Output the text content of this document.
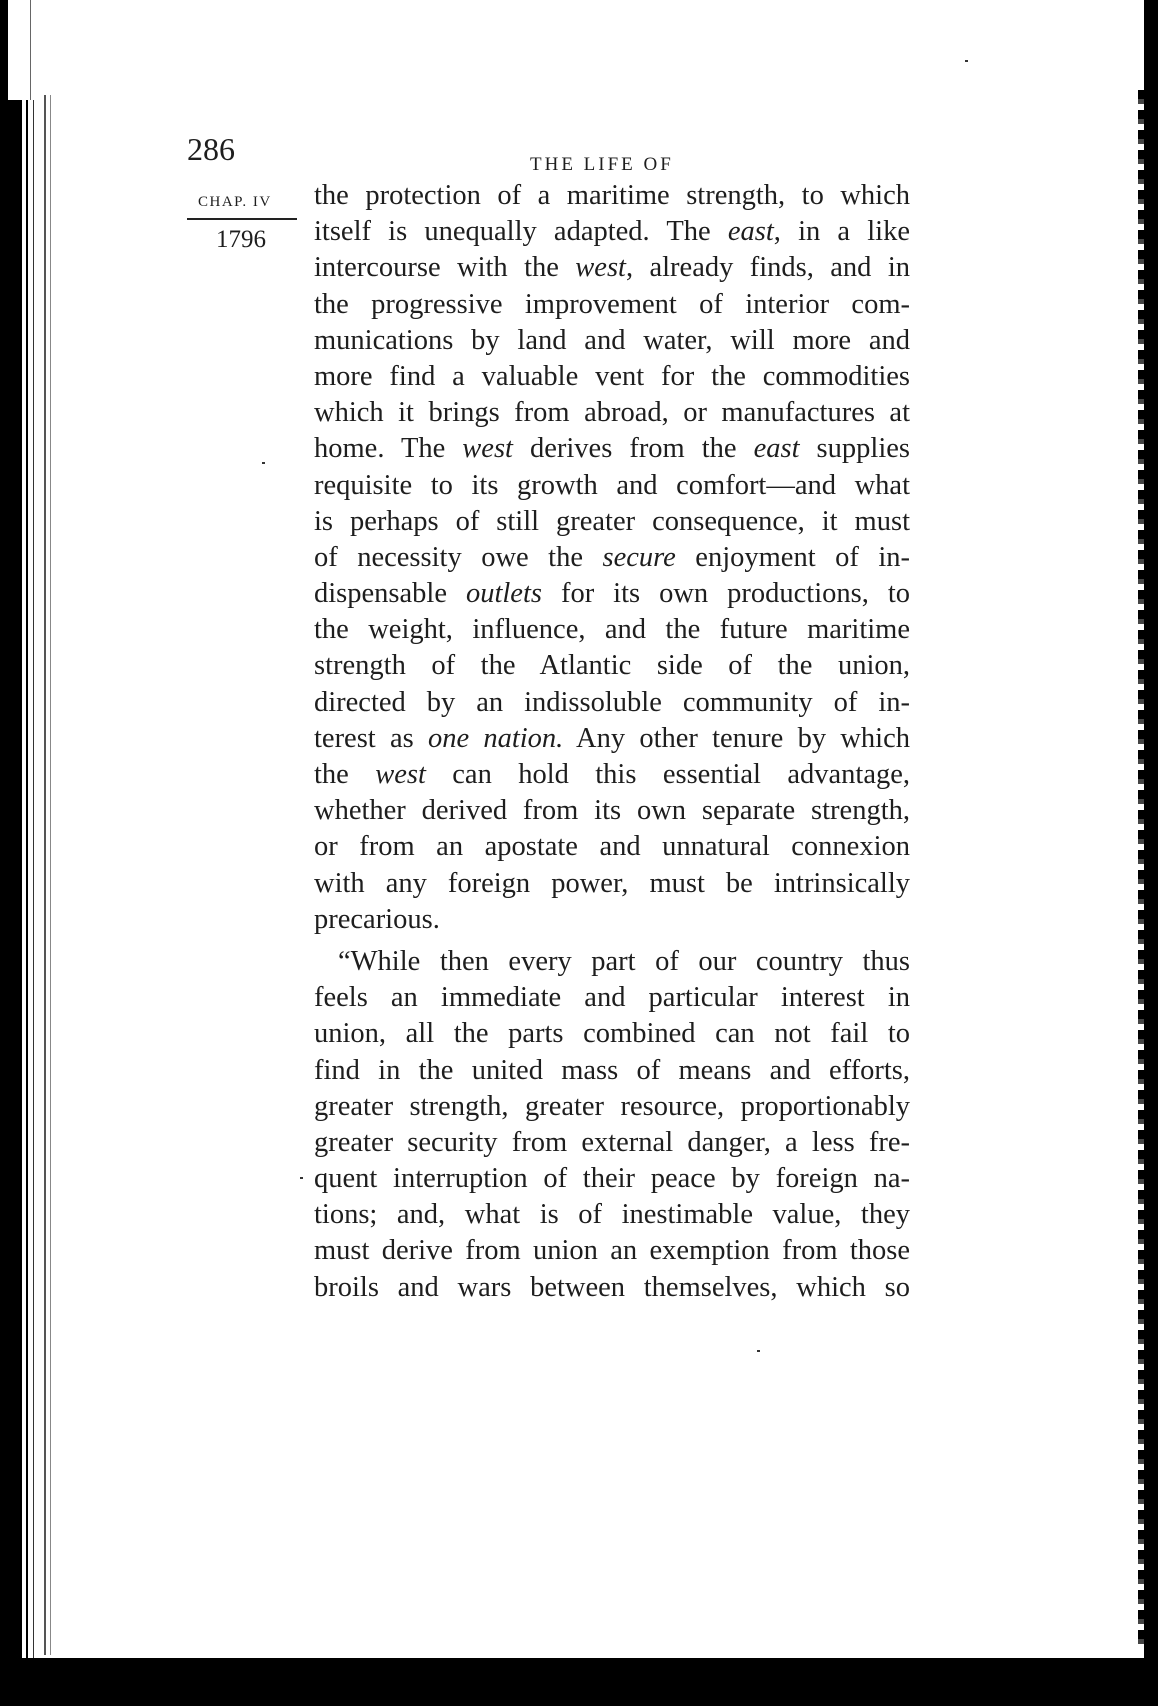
286	THE LIFE OF
CHAP. IV
1796
the protection of a maritime strength, to which
itself is unequally adapted. The east, in a like
intercourse with the west, already finds, and in
the progressive improvement of interior com-
munications by land and water, will more and
more find a valuable vent for the commodities
which it brings from abroad, or manufactures at
home. The west derives from the east supplies
requisite to its growth and comfort—and what
is perhaps of still greater consequence, it must
of necessity owe the secure enjoyment of in-
dispensable outlets for its own productions, to
the weight, influence, and the future maritime
strength of the Atlantic side of the union,
directed by an indissoluble community of in-
terest as one nation. Any other tenure by which
the west can hold this essential advantage,
whether derived from its own separate strength,
or from an apostate and unnatural connexion
with any foreign power, must be intrinsically
precarious.
“While then every part of our country thus
feels an immediate and particular interest in
union, all the parts combined can not fail to
find in the united mass of means and efforts,
greater strength, greater resource, proportionably
greater security from external danger, a less fre-
quent interruption of their peace by foreign na-
tions; and, what is of inestimable value, they
must derive from union an exemption from those
broils and wars between themselves, which so
